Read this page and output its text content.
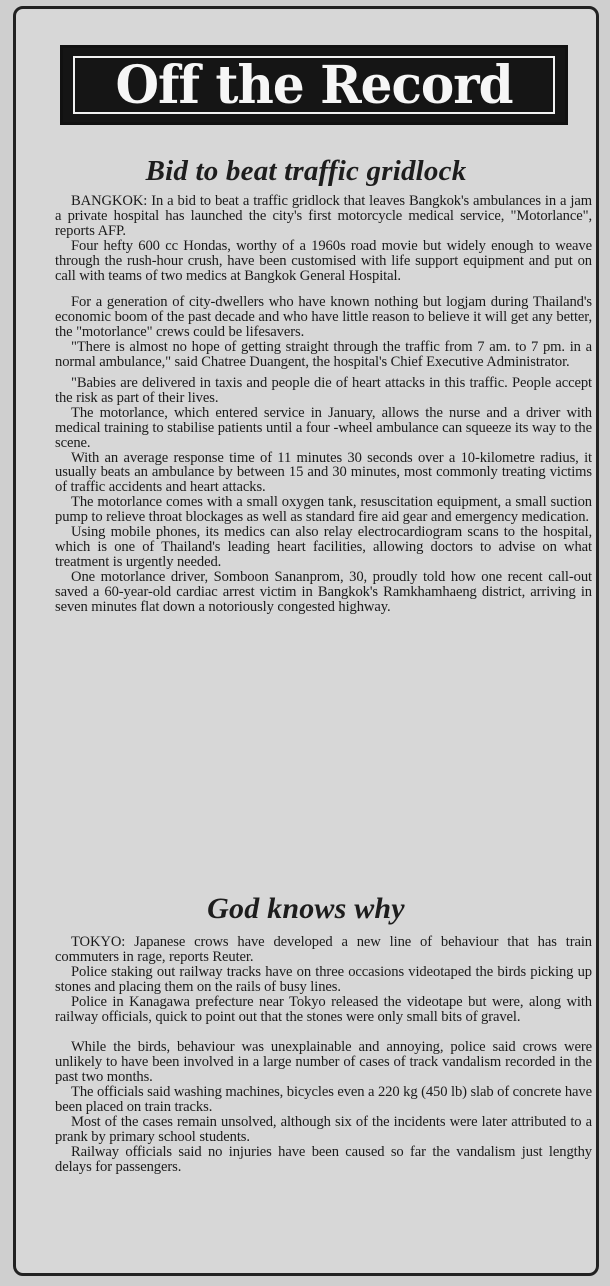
Off the Record
Bid to beat traffic gridlock

BANGKOK: In a bid to beat a traffic gridlock that leaves Bangkok's ambulances in a jam a private hospital has launched the city's first motorcycle medical service, "Motorlance", reports AFP.

Four hefty 600 cc Hondas, worthy of a 1960s road movie but widely enough to weave through the rush-hour crush, have been customised with life support equipment and put on call with teams of two medics at Bangkok General Hospital.

For a generation of city-dwellers who have known nothing but logjam during Thailand's economic boom of the past decade and who have little reason to believe it will get any better, the "motorlance" crews could be lifesavers.

"There is almost no hope of getting straight through the traffic from 7 am. to 7 pm. in a normal ambulance," said Chatree Duangent, the hospital's Chief Executive Administrator.

"Babies are delivered in taxis and people die of heart attacks in this traffic. People accept the risk as part of their lives.

The motorlance, which entered service in January, allows the nurse and a driver with medical training to stabilise patients until a four -wheel ambulance can squeeze its way to the scene.

With an average response time of 11 minutes 30 seconds over a 10-kilometre radius, it usually beats an ambulance by between 15 and 30 minutes, most commonly treating victims of traffic accidents and heart attacks.

The motorlance comes with a small oxygen tank, resuscitation equipment, a small suction pump to relieve throat blockages as well as standard fire aid gear and emergency medication.

Using mobile phones, its medics can also relay electrocardiogram scans to the hospital, which is one of Thailand's leading heart facilities, allowing doctors to advise on what treatment is urgently needed.

One motorlance driver, Somboon Sananprom, 30, proudly told how one recent call-out saved a 60-year-old cardiac arrest victim in Bangkok's Ramkhamhaeng district, arriving in seven minutes flat down a notoriously congested highway.

God knows why

TOKYO: Japanese crows have developed a new line of behaviour that has train commuters in rage, reports Reuter.

Police staking out railway tracks have on three occasions videotaped the birds picking up stones and placing them on the rails of busy lines.

Police in Kanagawa prefecture near Tokyo released the videotape but were, along with railway officials, quick to point out that the stones were only small bits of gravel.

While the birds, behaviour was unexplainable and annoying, police said crows were unlikely to have been involved in a large number of cases of track vandalism recorded in the past two months.

The officials said washing machines, bicycles even a 220 kg (450 lb) slab of concrete have been placed on train tracks.

Most of the cases remain unsolved, although six of the incidents were later attributed to a prank by primary school students.

Railway officials said no injuries have been caused so far the vandalism just lengthy delays for passengers.
